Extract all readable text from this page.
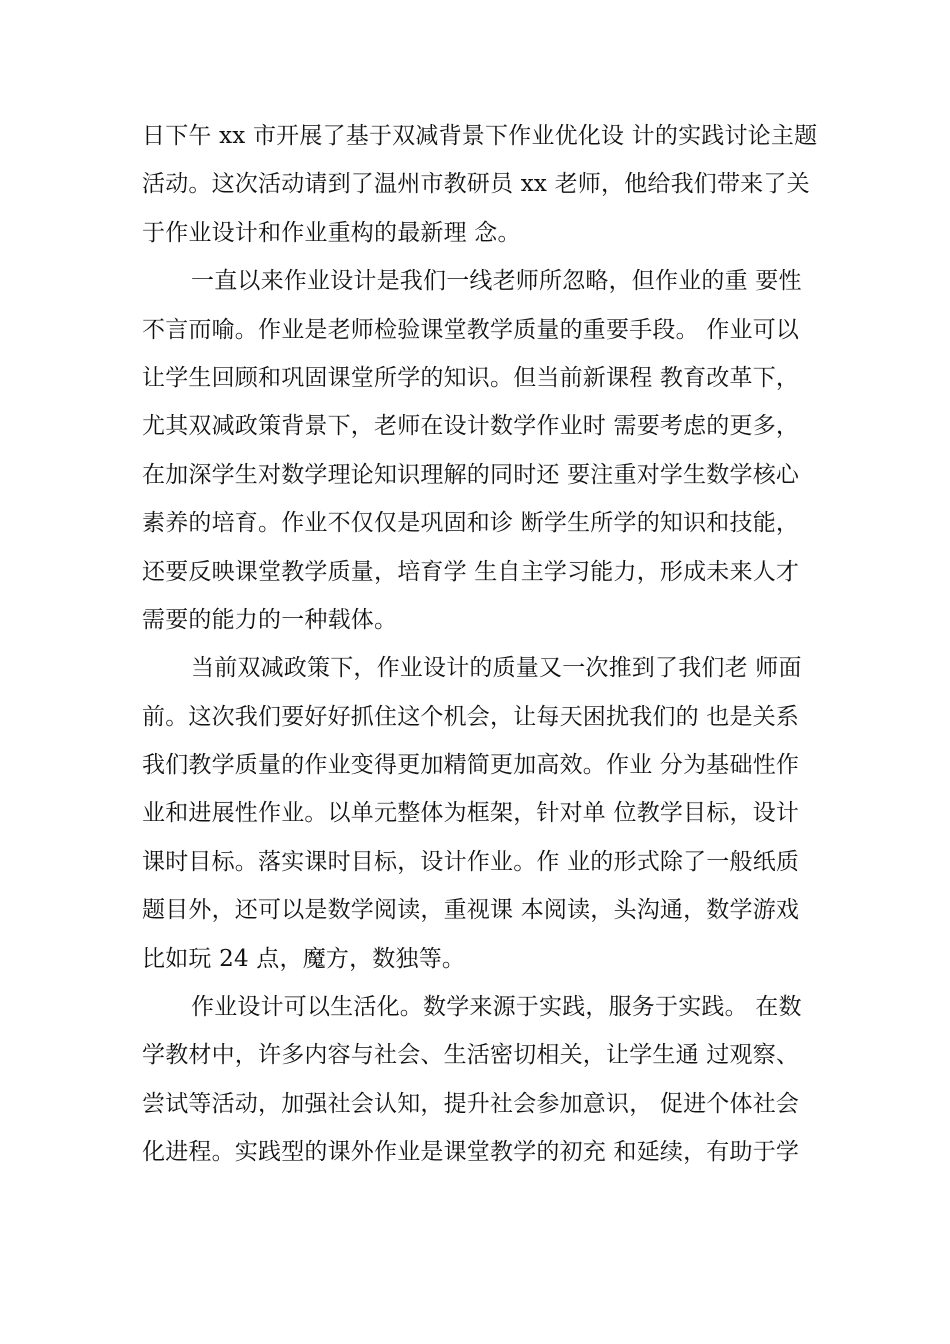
日下午 xx 市开展了基于双减背景下作业优化设 计的实践讨论主题
活动。这次活动请到了温州市教研员 xx 老师，他给我们带来了关
于作业设计和作业重构的最新理 念。
一直以来作业设计是我们一线老师所忽略，但作业的重 要性
不言而喻。作业是老师检验课堂教学质量的重要手段。 作业可以
让学生回顾和巩固课堂所学的知识。但当前新课程 教育改革下，
尤其双减政策背景下，老师在设计数学作业时 需要考虑的更多，
在加深学生对数学理论知识理解的同时还 要注重对学生数学核心
素养的培育。作业不仅仅是巩固和诊 断学生所学的知识和技能，
还要反映课堂教学质量，培育学 生自主学习能力，形成未来人才
需要的能力的一种载体。
当前双减政策下，作业设计的质量又一次推到了我们老 师面
前。这次我们要好好抓住这个机会，让每天困扰我们的 也是关系
我们教学质量的作业变得更加精简更加高效。作业 分为基础性作
业和进展性作业。以单元整体为框架，针对单 位教学目标，设计
课时目标。落实课时目标，设计作业。作 业的形式除了一般纸质
题目外，还可以是数学阅读，重视课 本阅读，头沟通，数学游戏
比如玩 24 点，魔方，数独等。
作业设计可以生活化。数学来源于实践，服务于实践。 在数
学教材中，许多内容与社会、生活密切相关，让学生通 过观察、
尝试等活动，加强社会认知，提升社会参加意识， 促进个体社会
化进程。实践型的课外作业是课堂教学的初充 和延续，有助于学
